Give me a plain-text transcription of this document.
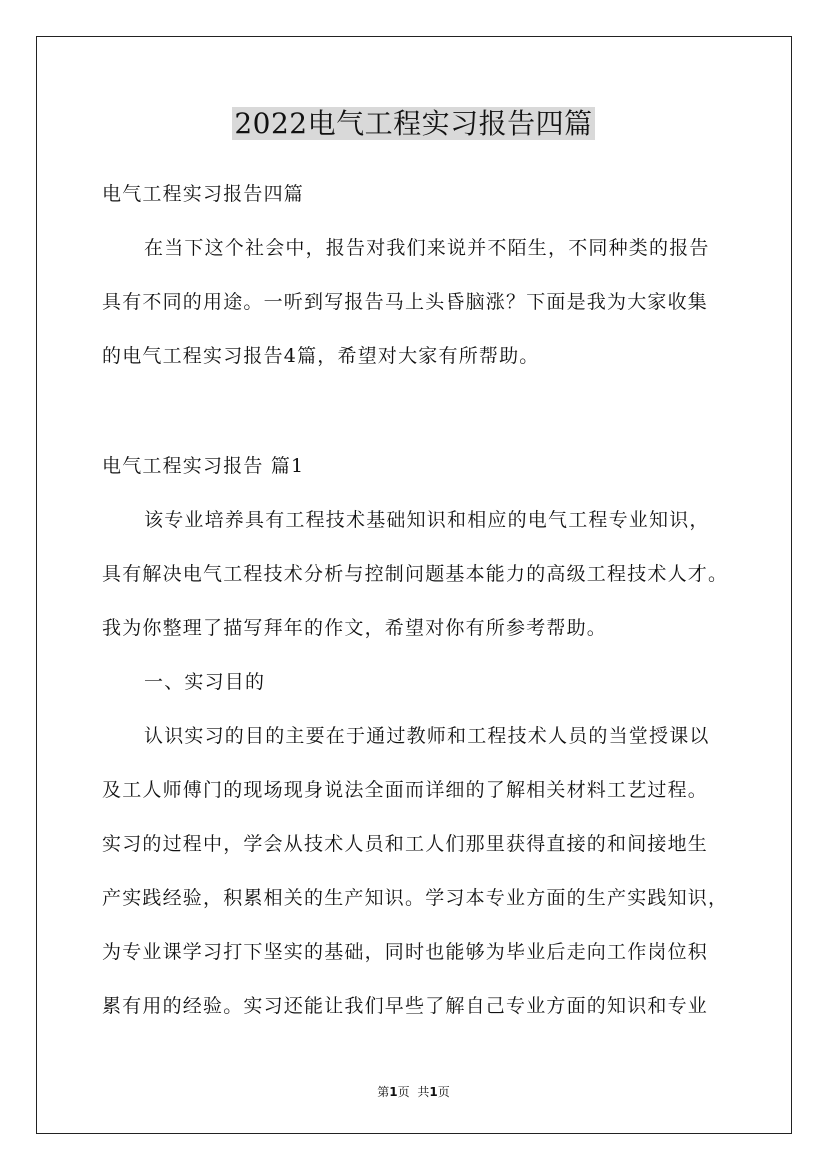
2022电气工程实习报告四篇
电气工程实习报告四篇
在当下这个社会中，报告对我们来说并不陌生，不同种类的报告
具有不同的用途。一听到写报告马上头昏脑涨？下面是我为大家收集
的电气工程实习报告4篇，希望对大家有所帮助。
电气工程实习报告 篇1
该专业培养具有工程技术基础知识和相应的电气工程专业知识，
具有解决电气工程技术分析与控制问题基本能力的高级工程技术人才。
我为你整理了描写拜年的作文，希望对你有所参考帮助。
一、实习目的
认识实习的目的主要在于通过教师和工程技术人员的当堂授课以
及工人师傅门的现场现身说法全面而详细的了解相关材料工艺过程。
实习的过程中，学会从技术人员和工人们那里获得直接的和间接地生
产实践经验，积累相关的生产知识。学习本专业方面的生产实践知识，
为专业课学习打下坚实的基础，同时也能够为毕业后走向工作岗位积
累有用的经验。实习还能让我们早些了解自己专业方面的知识和专业
第1页 共1页
